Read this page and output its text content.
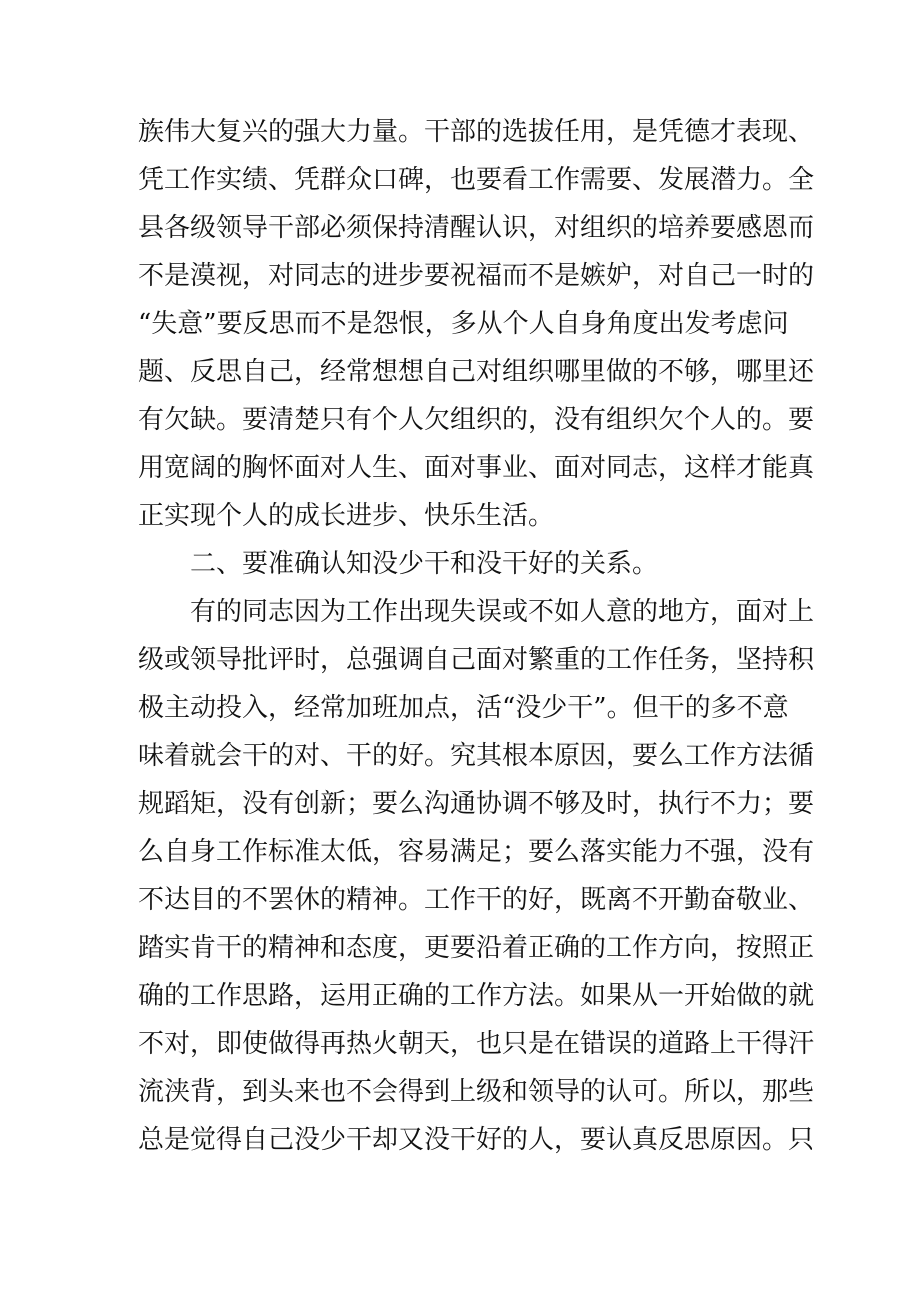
族伟大复兴的强大力量。干部的选拔任用，是凭德才表现、

凭工作实绩、凭群众口碑，也要看工作需要、发展潜力。全

县各级领导干部必须保持清醒认识，对组织的培养要感恩而

不是漠视，对同志的进步要祝福而不是嫉妒，对自己一时的

“失意”要反思而不是怨恨，多从个人自身角度出发考虑问

题、反思自己，经常想想自己对组织哪里做的不够，哪里还

有欠缺。要清楚只有个人欠组织的，没有组织欠个人的。要

用宽阔的胸怀面对人生、面对事业、面对同志，这样才能真

正实现个人的成长进步、快乐生活。

　　二、要准确认知没少干和没干好的关系。

　　有的同志因为工作出现失误或不如人意的地方，面对上

级或领导批评时，总强调自己面对繁重的工作任务，坚持积

极主动投入，经常加班加点，活“没少干”。但干的多不意

味着就会干的对、干的好。究其根本原因，要么工作方法循

规蹈矩，没有创新；要么沟通协调不够及时，执行不力；要

么自身工作标准太低，容易满足；要么落实能力不强，没有

不达目的不罢休的精神。工作干的好，既离不开勤奋敬业、

踏实肯干的精神和态度，更要沿着正确的工作方向，按照正

确的工作思路，运用正确的工作方法。如果从一开始做的就

不对，即使做得再热火朝天，也只是在错误的道路上干得汗

流浃背，到头来也不会得到上级和领导的认可。所以，那些

总是觉得自己没少干却又没干好的人，要认真反思原因。只
